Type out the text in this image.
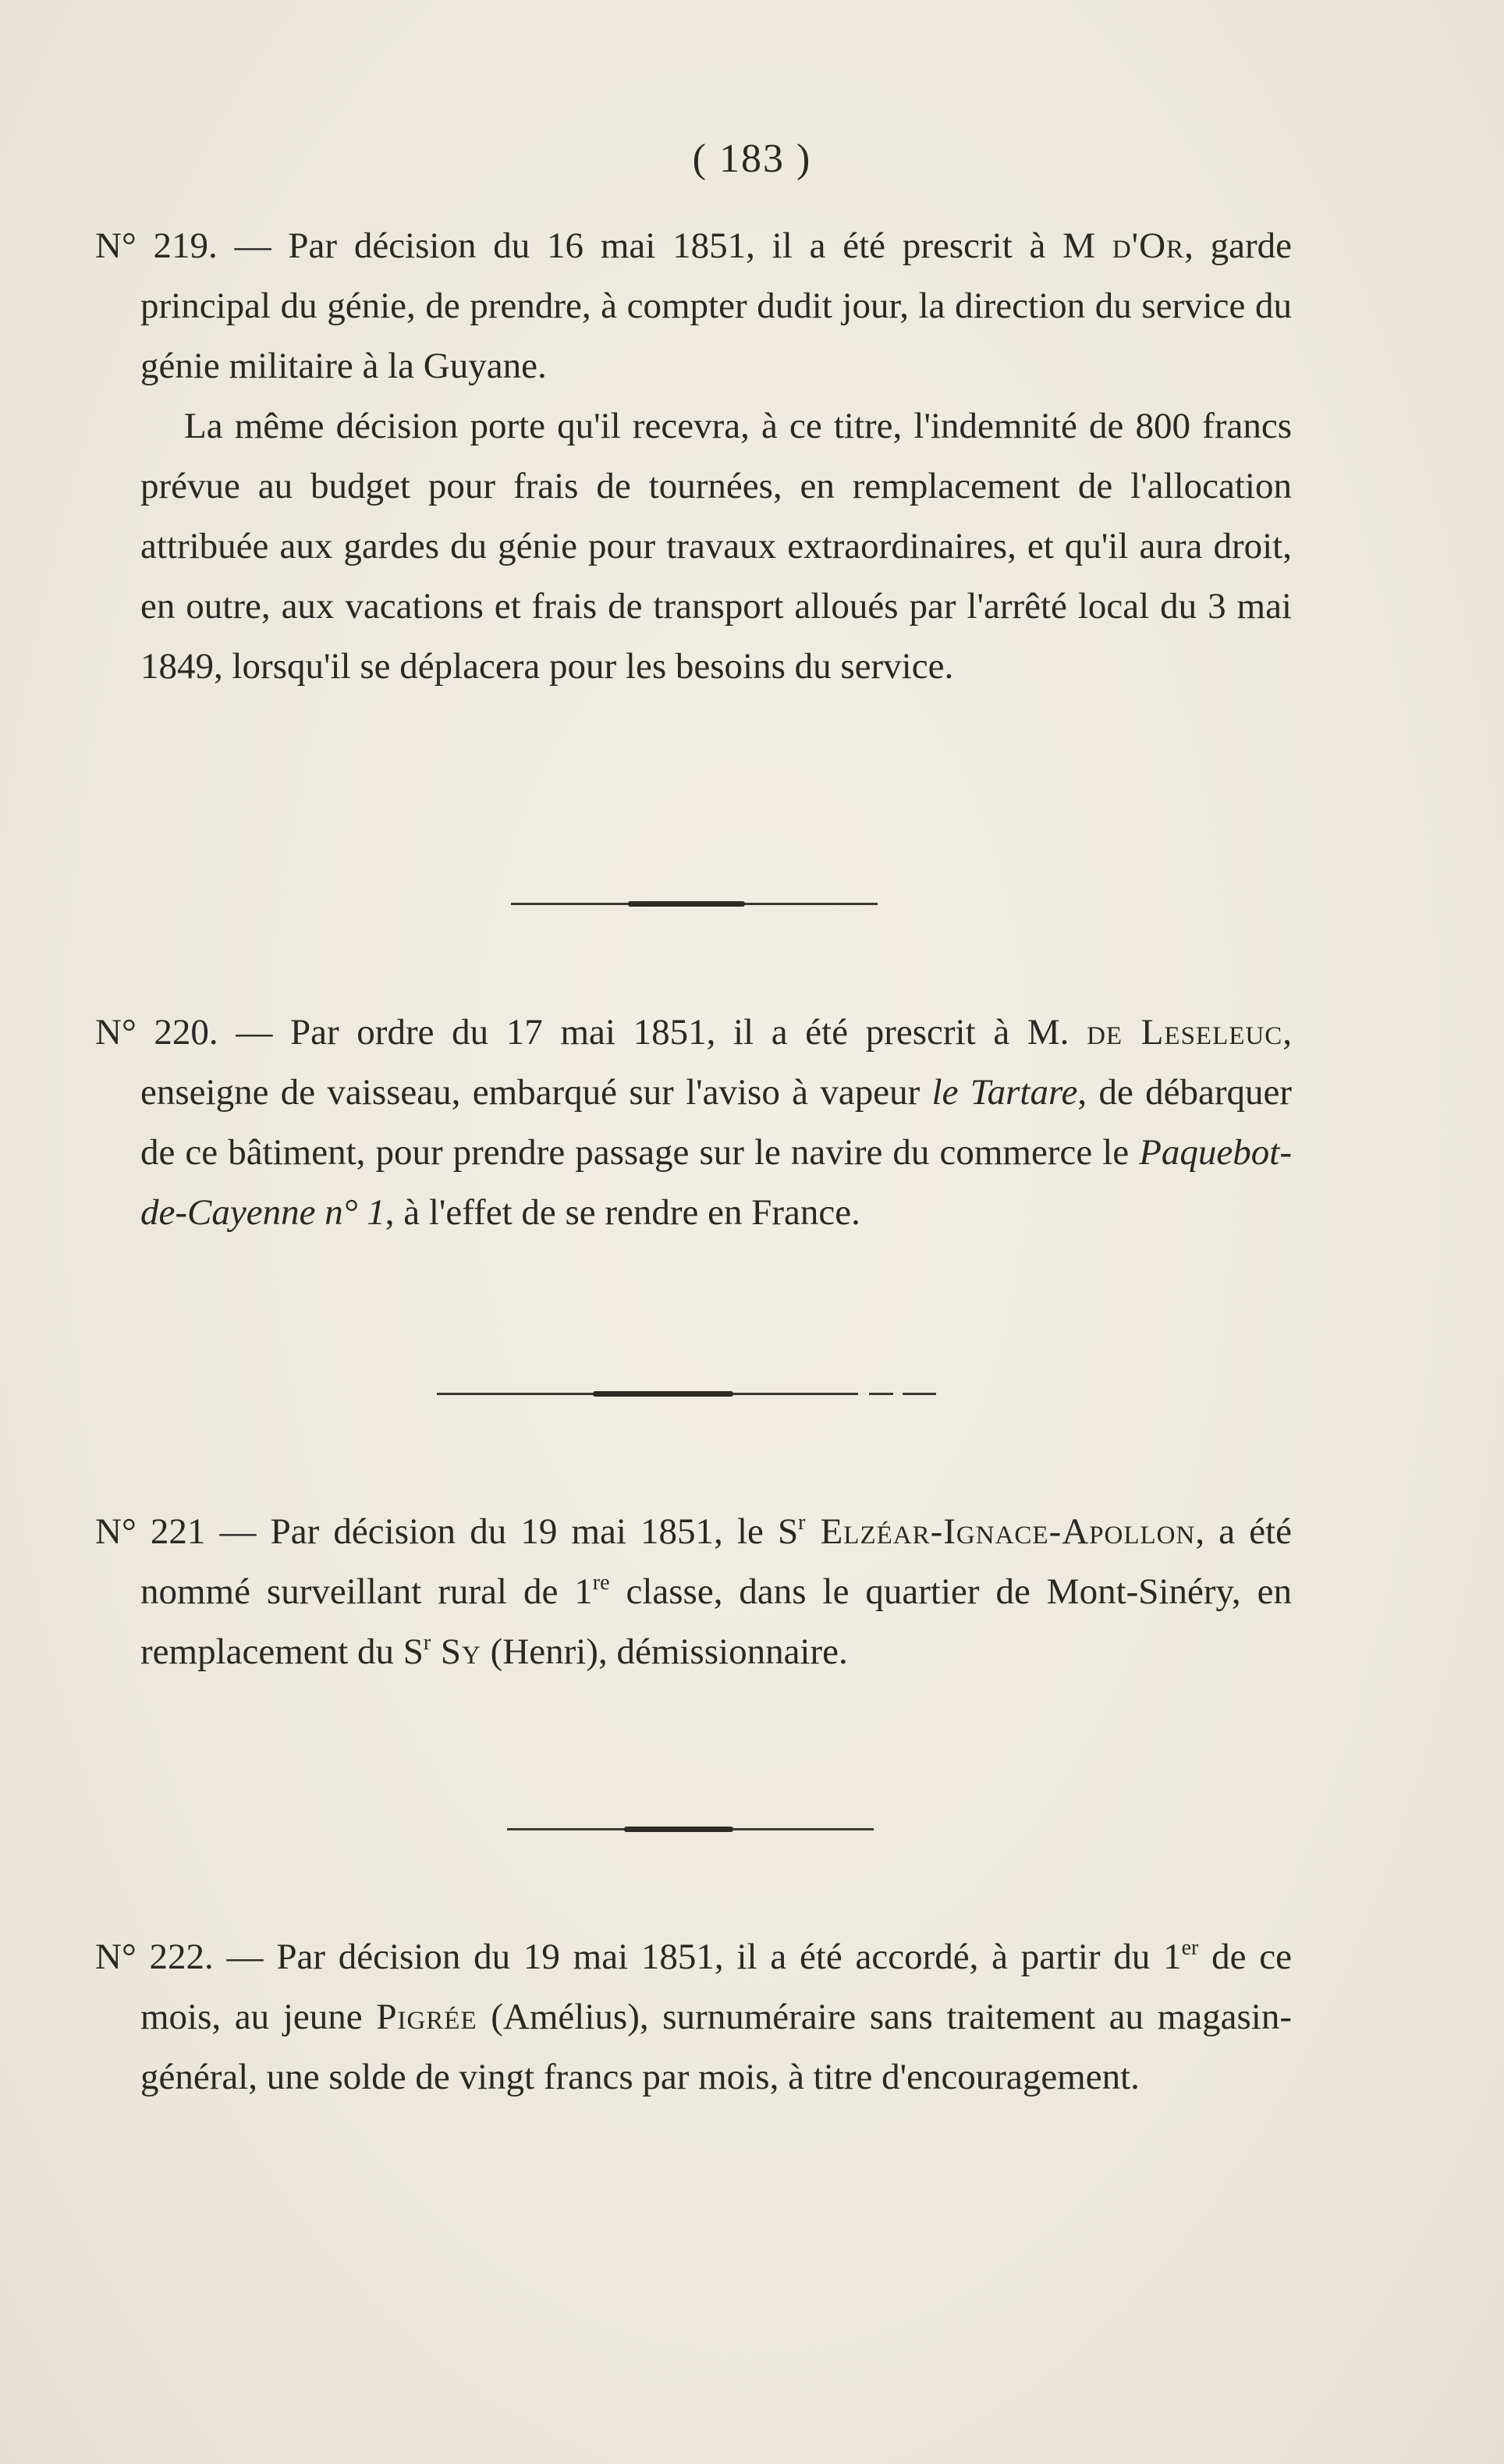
( 183 )

N° 219. — Par décision du 16 mai 1851, il a été prescrit à M d'Or, garde principal du génie, de prendre, à compter dudit jour, la direction du service du génie militaire à la Guyane.

La même décision porte qu'il recevra, à ce titre, l'indemnité de 800 francs prévue au budget pour frais de tournées, en remplacement de l'allocation attribuée aux gardes du génie pour travaux extraordinaires, et qu'il aura droit, en outre, aux vacations et frais de transport alloués par l'arrêté local du 3 mai 1849, lorsqu'il se déplacera pour les besoins du service.

N° 220. — Par ordre du 17 mai 1851, il a été prescrit à M. de Leseleuc, enseigne de vaisseau, embarqué sur l'aviso à vapeur le Tartare, de débarquer de ce bâtiment, pour prendre passage sur le navire du commerce le Paquebot-de-Cayenne n° 1, à l'effet de se rendre en France.

N° 221 — Par décision du 19 mai 1851, le $S^r$ Elzéar-Ignace-Apollon, a été nommé surveillant rural de 1re classe, dans le quartier de Mont-Sinéry, en remplacement du $S^r$ Sy (Henri), démissionnaire.

N° 222. — Par décision du 19 mai 1851, il a été accordé, à partir du 1er de ce mois, au jeune Pigrée (Amélius), surnuméraire sans traitement au magasin-général, une solde de vingt francs par mois, à titre d'encouragement.
